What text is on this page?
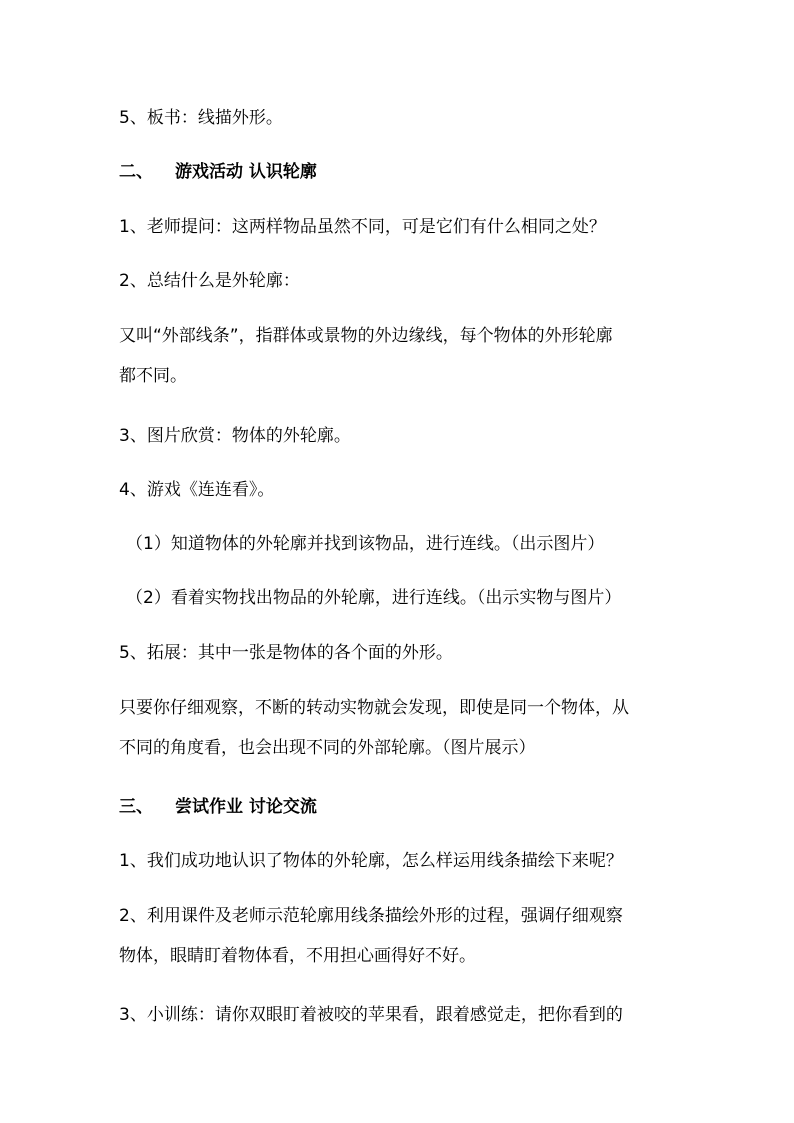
5、板书：线描外形。
二、 游戏活动 认识轮廓
1、老师提问：这两样物品虽然不同，可是它们有什么相同之处？
2、总结什么是外轮廓：
又叫“外部线条”，指群体或景物的外边缘线，每个物体的外形轮廓
都不同。
3、图片欣赏：物体的外轮廓。
4、游戏《连连看》。
（1）知道物体的外轮廓并找到该物品，进行连线。（出示图片）
（2）看着实物找出物品的外轮廓，进行连线。（出示实物与图片）
5、拓展：其中一张是物体的各个面的外形。
只要你仔细观察，不断的转动实物就会发现，即使是同一个物体，从
不同的角度看，也会出现不同的外部轮廓。（图片展示）
三、 尝试作业 讨论交流
1、我们成功地认识了物体的外轮廓，怎么样运用线条描绘下来呢？
2、利用课件及老师示范轮廓用线条描绘外形的过程，强调仔细观察
物体，眼睛盯着物体看，不用担心画得好不好。
3、小训练：请你双眼盯着被咬的苹果看，跟着感觉走，把你看到的
